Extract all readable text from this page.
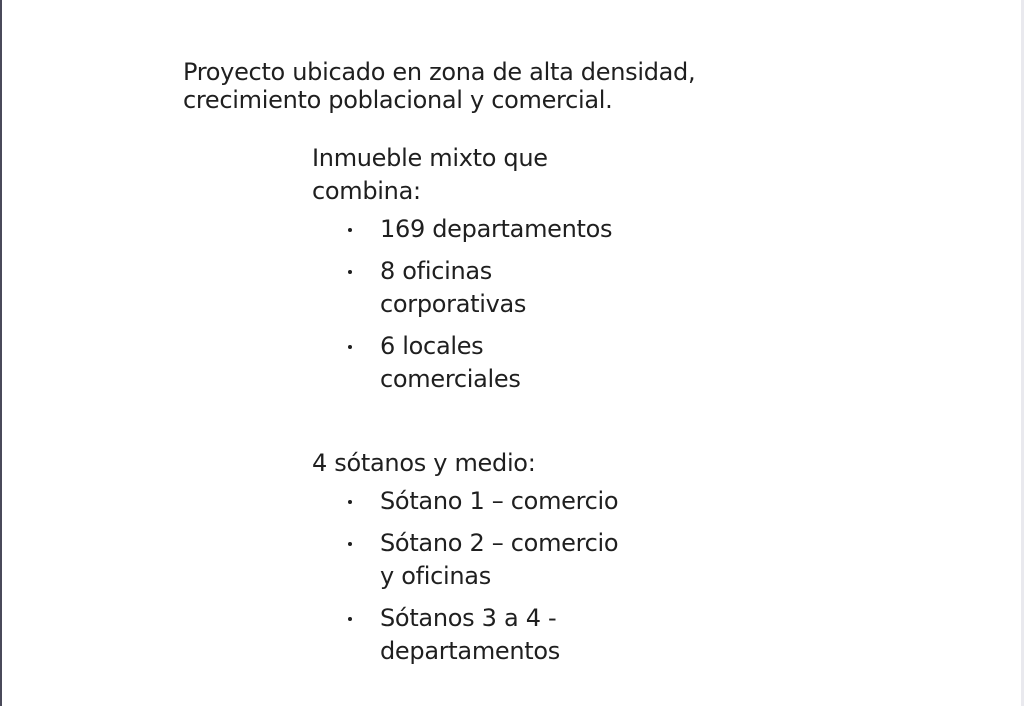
Proyecto ubicado en zona de alta densidad,
crecimiento poblacional y comercial.
Inmueble mixto que
combina:
169 departamentos
8 oficinas
corporativas
6 locales
comerciales
4 sótanos y medio:
Sótano 1 – comercio
Sótano 2 – comercio
y oficinas
Sótanos 3 a 4 -
departamentos
